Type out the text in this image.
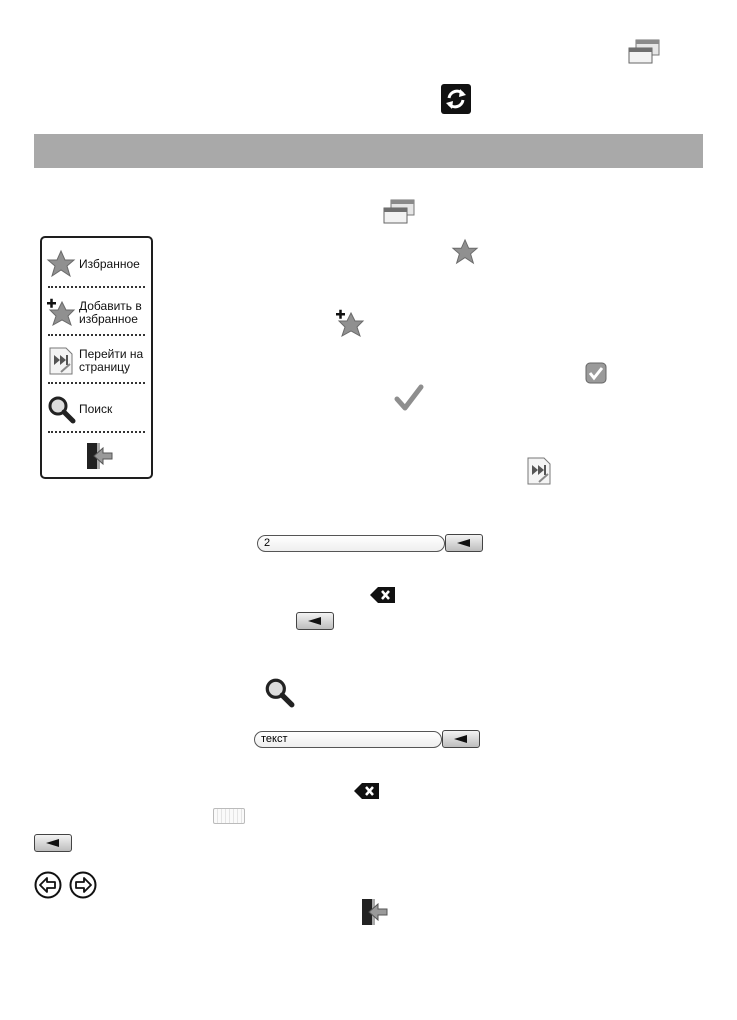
Избранное
Добавить в
избранное
Перейти на
страницу
Поиск
2
текст
